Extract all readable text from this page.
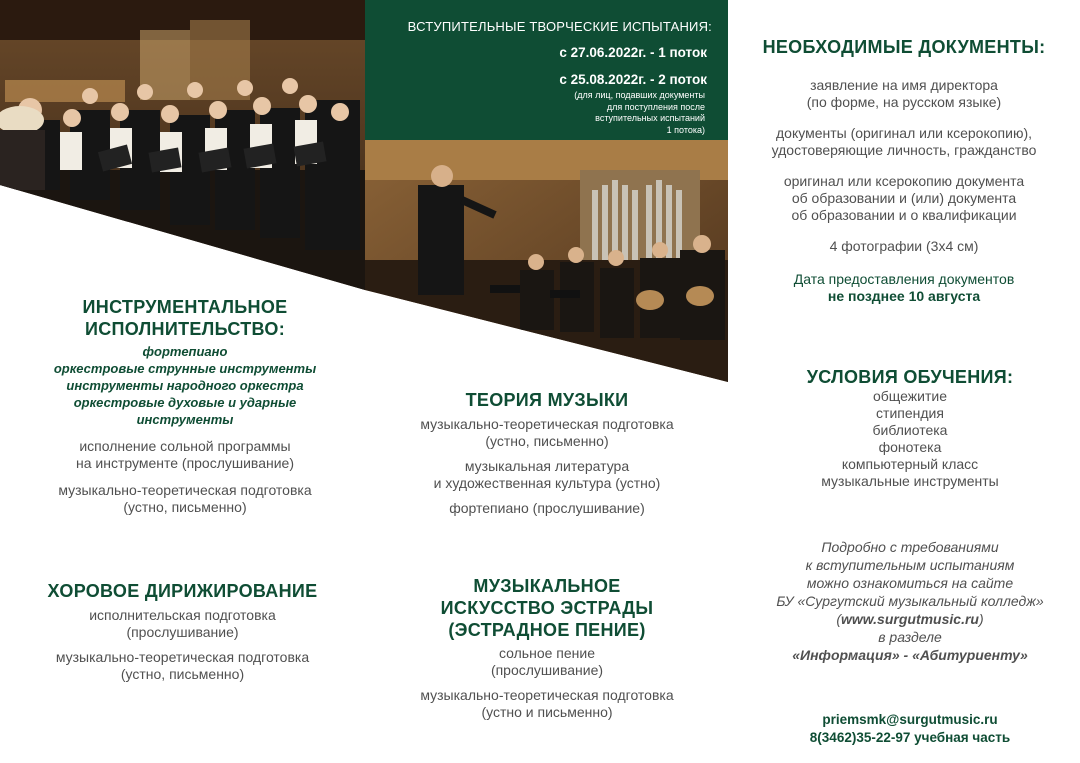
ВСТУПИТЕЛЬНЫЕ ТВОРЧЕСКИЕ ИСПЫТАНИЯ:
с 27.06.2022г. - 1 поток
с 25.08.2022г. - 2 поток
(для лиц, подавших документы
для поступления после
вступительных испытаний
1 потока)
ИНСТРУМЕНТАЛЬНОЕ
ИСПОЛНИТЕЛЬСТВО:
фортепиано
оркестровые струнные инструменты
инструменты народного оркестра
оркестровые духовые и ударные
инструменты
исполнение сольной программы
на инструменте (прослушивание)
музыкально-теоретическая подготовка
(устно, письменно)
ХОРОВОЕ ДИРИЖИРОВАНИЕ
исполнительская подготовка
(прослушивание)
музыкально-теоретическая подготовка
(устно, письменно)
ТЕОРИЯ МУЗЫКИ
музыкально-теоретическая подготовка
(устно, письменно)
музыкальная литература
и художественная культура (устно)
фортепиано (прослушивание)
МУЗЫКАЛЬНОЕ
ИСКУССТВО ЭСТРАДЫ
(ЭСТРАДНОЕ ПЕНИЕ)
сольное пение
(прослушивание)
музыкально-теоретическая подготовка
(устно и письменно)
НЕОБХОДИМЫЕ ДОКУМЕНТЫ:
заявление на имя директора
(по форме, на русском языке)
документы (оригинал или ксерокопию),
удостоверяющие личность, гражданство
оригинал или ксерокопию документа
об образовании и (или) документа
об образовании и о квалификации
4 фотографии (3х4 см)
Дата предоставления документов
не позднее 10 августа
УСЛОВИЯ ОБУЧЕНИЯ:
общежитие
стипендия
библиотека
фонотека
компьютерный класс
музыкальные инструменты
Подробно с требованиями
к вступительным испытаниям
можно ознакомиться на сайте
БУ «Сургутский музыкальный колледж»
(www.surgutmusic.ru)
в разделе
«Информация» - «Абитуриенту»
priemsmk@surgutmusic.ru
8(3462)35-22-97 учебная часть
